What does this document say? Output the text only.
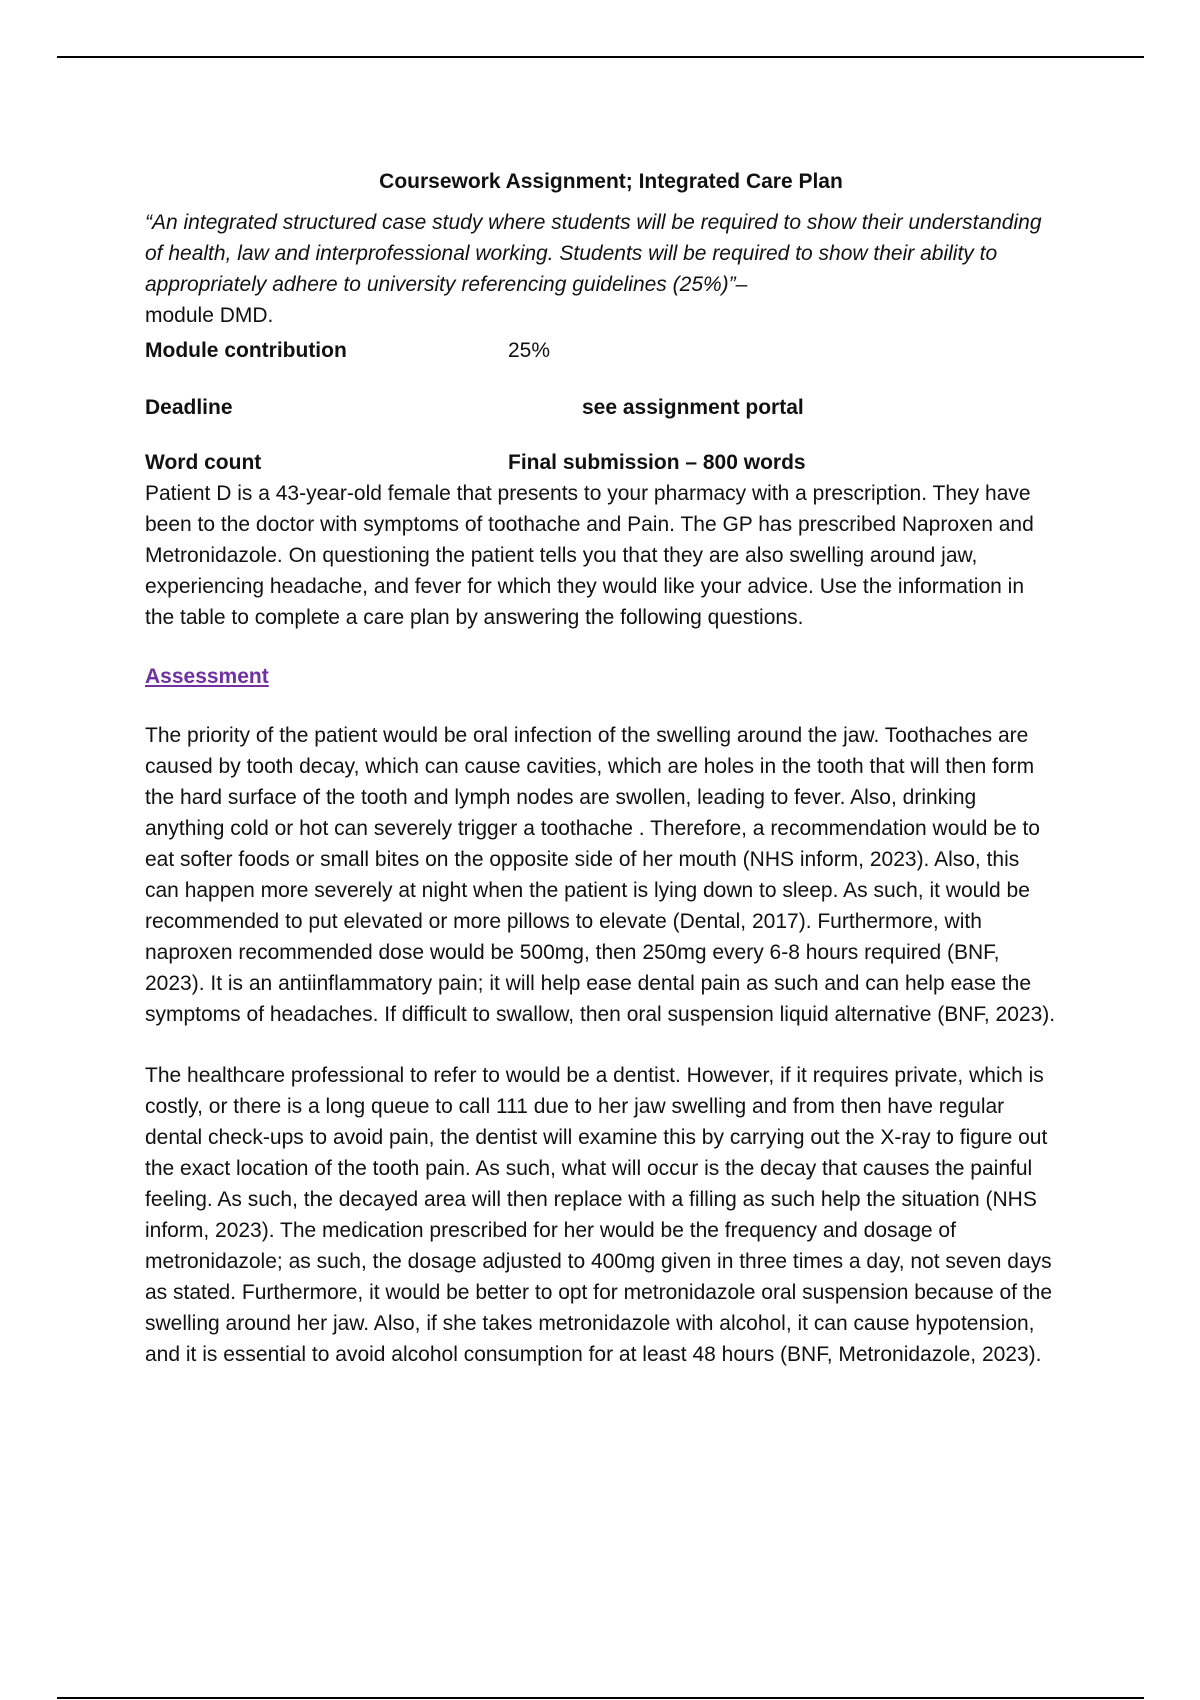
Coursework Assignment; Integrated Care Plan

“An integrated structured case study where students will be required to show their understanding of health, law and interprofessional working. Students will be required to show their ability to appropriately adhere to university referencing guidelines (25%)”–

module DMD.

Module contribution	25%
Deadline	see assignment portal
Word count	Final submission – 800 words

Patient D is a 43-year-old female that presents to your pharmacy with a prescription. They have been to the doctor with symptoms of toothache and Pain. The GP has prescribed Naproxen and Metronidazole. On questioning the patient tells you that they are also swelling around jaw, experiencing headache, and fever for which they would like your advice. Use the information in the table to complete a care plan by answering the following questions.

Assessment

The priority of the patient would be oral infection of the swelling around the jaw. Toothaches are caused by tooth decay, which can cause cavities, which are holes in the tooth that will then form the hard surface of the tooth and lymph nodes are swollen, leading to fever. Also, drinking anything cold or hot can severely trigger a toothache . Therefore, a recommendation would be to eat softer foods or small bites on the opposite side of her mouth (NHS inform, 2023). Also, this can happen more severely at night when the patient is lying down to sleep. As such, it would be recommended to put elevated or more pillows to elevate (Dental, 2017). Furthermore, with naproxen recommended dose would be 500mg, then 250mg every 6-8 hours required (BNF, 2023). It is an antiinflammatory pain; it will help ease dental pain as such and can help ease the symptoms of headaches. If difficult to swallow, then oral suspension liquid alternative (BNF, 2023).

The healthcare professional to refer to would be a dentist. However, if it requires private, which is costly, or there is a long queue to call 111 due to her jaw swelling and from then have regular dental check-ups to avoid pain, the dentist will examine this by carrying out the X-ray to figure out the exact location of the tooth pain. As such, what will occur is the decay that causes the painful feeling. As such, the decayed area will then replace with a filling as such help the situation (NHS inform, 2023). The medication prescribed for her would be the frequency and dosage of metronidazole; as such, the dosage adjusted to 400mg given in three times a day, not seven days as stated. Furthermore, it would be better to opt for metronidazole oral suspension because of the swelling around her jaw. Also, if she takes metronidazole with alcohol, it can cause hypotension, and it is essential to avoid alcohol consumption for at least 48 hours (BNF, Metronidazole, 2023).
